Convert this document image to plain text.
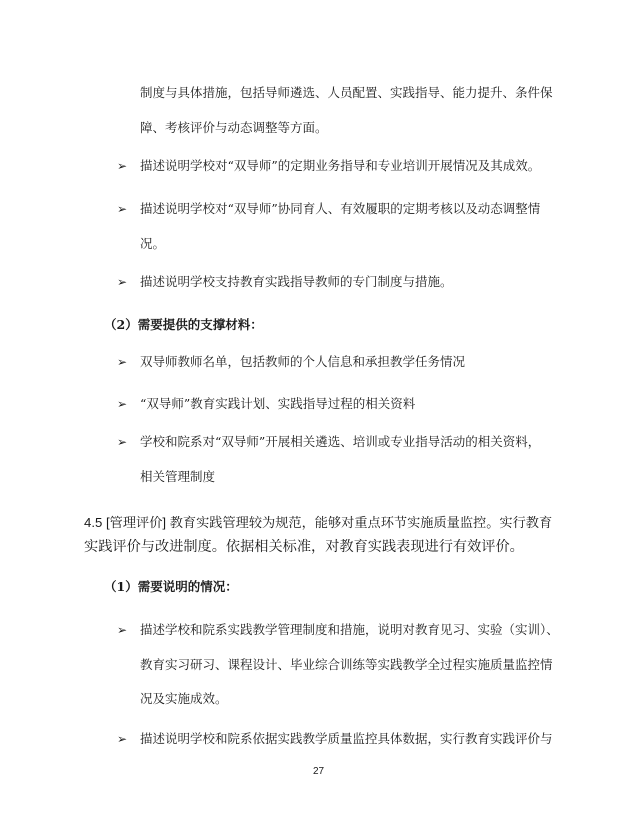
制度与具体措施，包括导师遴选、人员配置、实践指导、能力提升、条件保
障、考核评价与动态调整等方面。
➢ 描述说明学校对“双导师”的定期业务指导和专业培训开展情况及其成效。
➢ 描述说明学校对“双导师”协同育人、有效履职的定期考核以及动态调整情
况。
➢ 描述说明学校支持教育实践指导教师的专门制度与措施。
（2）需要提供的支撑材料：
➢ 双导师教师名单，包括教师的个人信息和承担教学任务情况
➢ “双导师”教育实践计划、实践指导过程的相关资料
➢ 学校和院系对“双导师”开展相关遴选、培训或专业指导活动的相关资料，
相关管理制度
4.5 [管理评价] 教育实践管理较为规范，能够对重点环节实施质量监控。实行教育
实践评价与改进制度。依据相关标准，对教育实践表现进行有效评价。
（1）需要说明的情况：
➢ 描述学校和院系实践教学管理制度和措施，说明对教育见习、实验（实训）、
教育实习研习、课程设计、毕业综合训练等实践教学全过程实施质量监控情
况及实施成效。
➢ 描述说明学校和院系依据实践教学质量监控具体数据，实行教育实践评价与
27
